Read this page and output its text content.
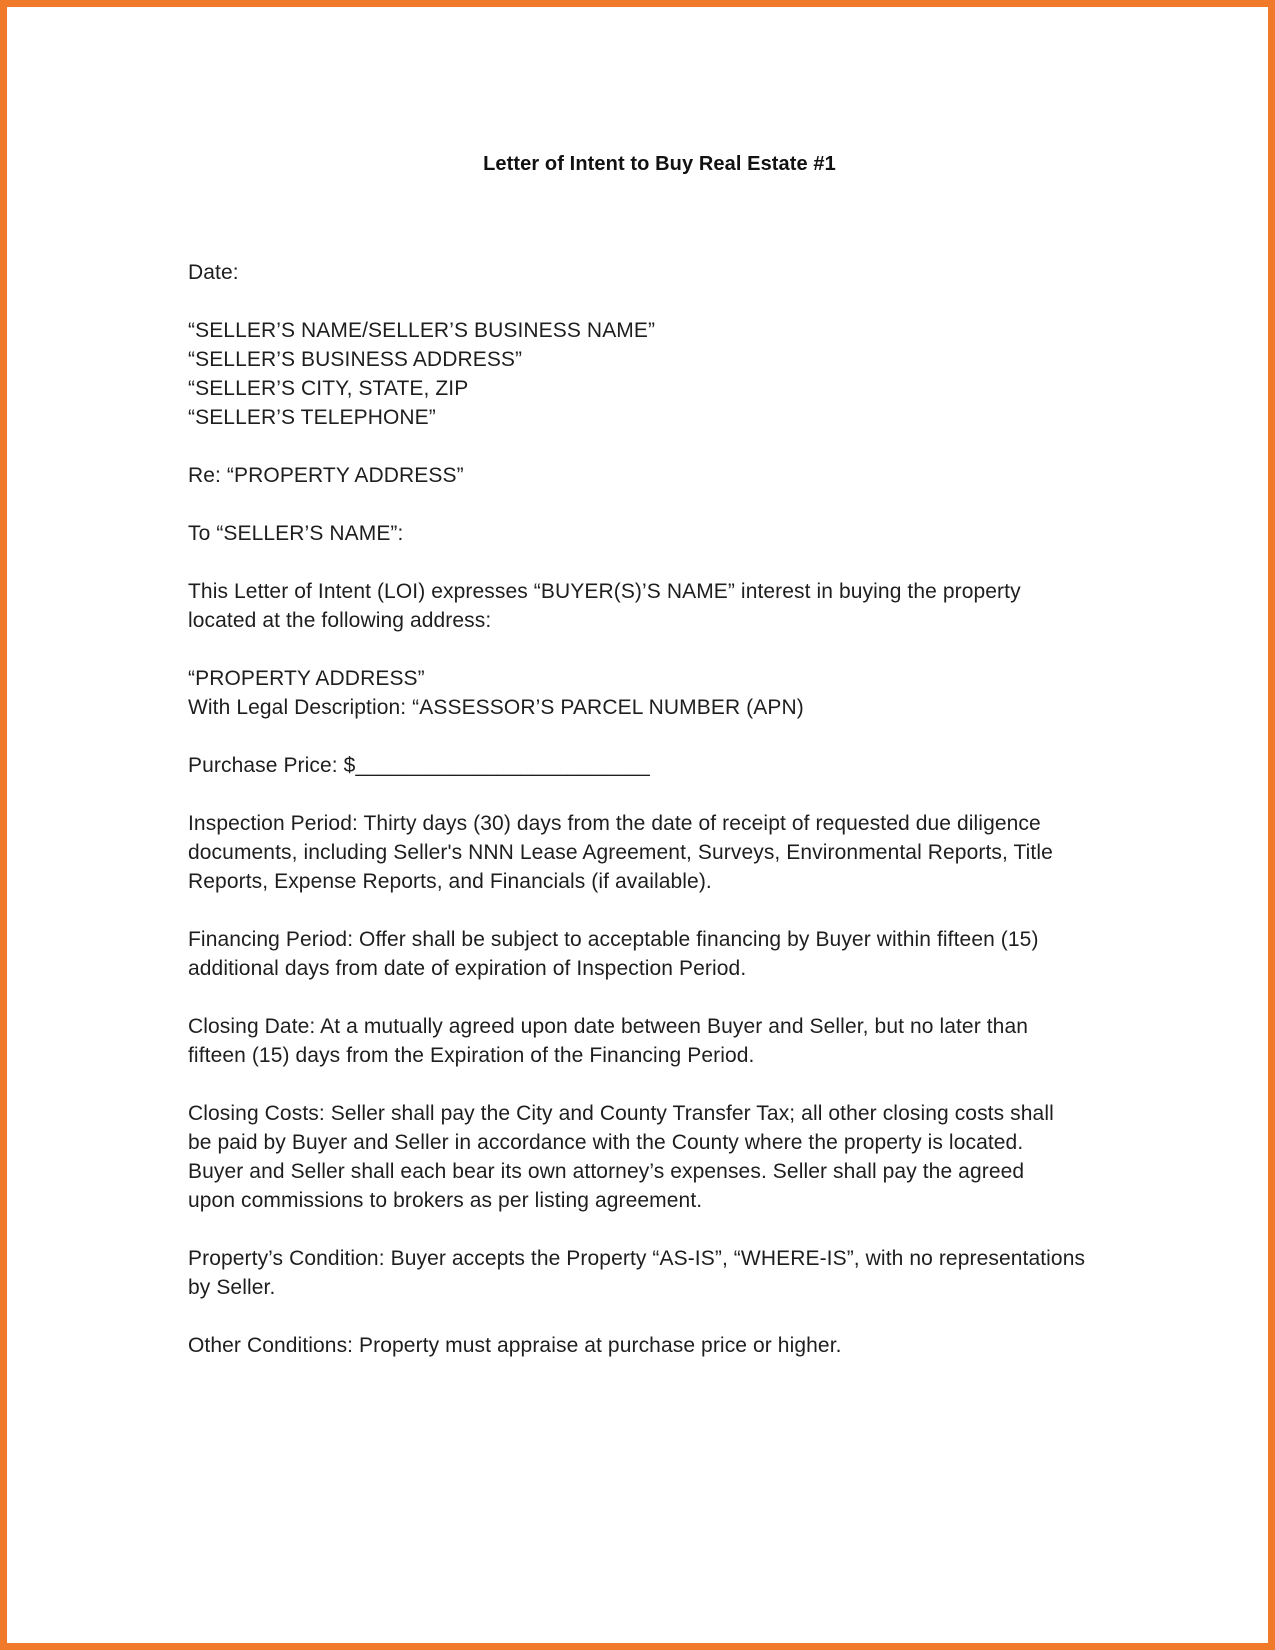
Letter of Intent to Buy Real Estate #1
Date:
“SELLER’S NAME/SELLER’S BUSINESS NAME”
“SELLER’S BUSINESS ADDRESS”
“SELLER’S CITY, STATE, ZIP
“SELLER’S TELEPHONE”
Re: “PROPERTY ADDRESS”
To “SELLER’S NAME”:
This Letter of Intent (LOI) expresses “BUYER(S)’S NAME” interest in buying the property
located at the following address:
“PROPERTY ADDRESS”
With Legal Description: “ASSESSOR’S PARCEL NUMBER (APN)
Purchase Price: $_________________________
Inspection Period: Thirty days (30) days from the date of receipt of requested due diligence
documents, including Seller's NNN Lease Agreement, Surveys, Environmental Reports, Title
Reports, Expense Reports, and Financials (if available).
Financing Period: Offer shall be subject to acceptable financing by Buyer within fifteen (15)
additional days from date of expiration of Inspection Period.
Closing Date: At a mutually agreed upon date between Buyer and Seller, but no later than
fifteen (15) days from the Expiration of the Financing Period.
Closing Costs: Seller shall pay the City and County Transfer Tax; all other closing costs shall
be paid by Buyer and Seller in accordance with the County where the property is located.
Buyer and Seller shall each bear its own attorney’s expenses. Seller shall pay the agreed
upon commissions to brokers as per listing agreement.
Property’s Condition: Buyer accepts the Property “AS-IS”, “WHERE-IS”, with no representations
by Seller.
Other Conditions: Property must appraise at purchase price or higher.
